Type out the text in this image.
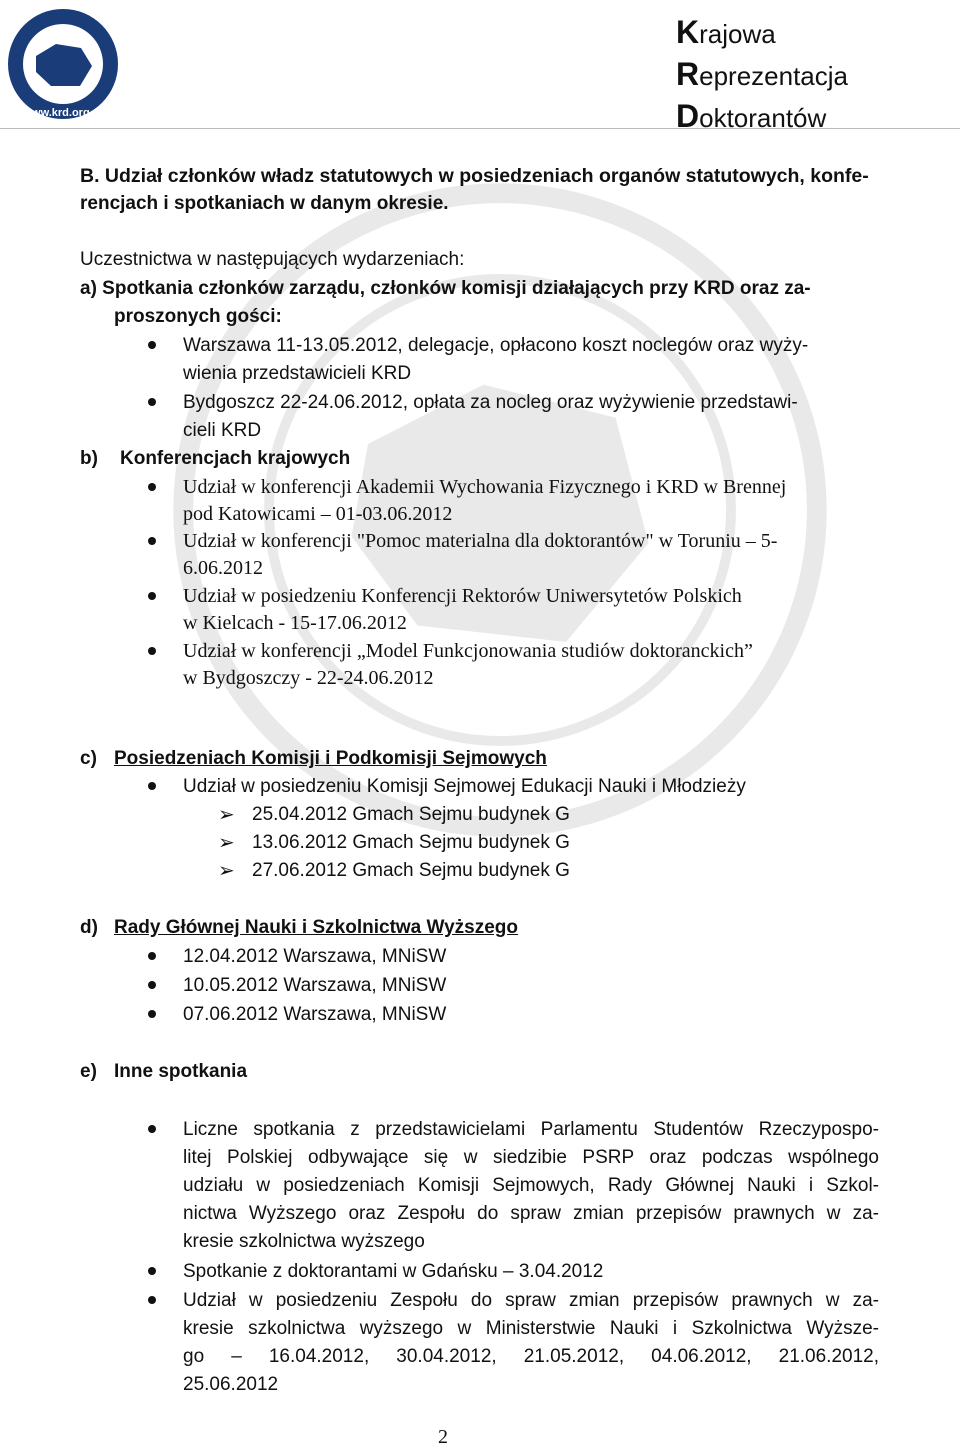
www.krd.org.pl
Krajowa
Reprezentacja
Doktorantów
B. Udział członków władz statutowych w posiedzeniach organów statutowych, konfe-
rencjach i spotkaniach w danym okresie.
Uczestnictwa w następujących wydarzeniach:
a) Spotkania członków zarządu, członków komisji działających przy KRD oraz za-
proszonych gości:
Warszawa 11-13.05.2012, delegacje, opłacono koszt noclegów oraz wyży-
wienia przedstawicieli KRD
Bydgoszcz 22-24.06.2012, opłata za nocleg oraz wyżywienie przedstawi-
cieli KRD
b) Konferencjach krajowych
Udział w konferencji Akademii Wychowania Fizycznego i KRD w Brennej
pod Katowicami – 01-03.06.2012
Udział w konferencji "Pomoc materialna dla doktorantów" w Toruniu – 5-
6.06.2012
Udział w posiedzeniu Konferencji Rektorów Uniwersytetów Polskich
w Kielcach - 15-17.06.2012
Udział w konferencji „Model Funkcjonowania studiów doktoranckich”
w Bydgoszczy - 22-24.06.2012
c) Posiedzeniach Komisji i Podkomisji Sejmowych
Udział w posiedzeniu Komisji Sejmowej Edukacji Nauki i Młodzieży
➢ 25.04.2012 Gmach Sejmu budynek G
➢ 13.06.2012 Gmach Sejmu budynek G
➢ 27.06.2012 Gmach Sejmu budynek G
d) Rady Głównej Nauki i Szkolnictwa Wyższego
12.04.2012 Warszawa, MNiSW
10.05.2012 Warszawa, MNiSW
07.06.2012 Warszawa, MNiSW
e) Inne spotkania
Liczne spotkania z przedstawicielami Parlamentu Studentów Rzeczypospo-
litej Polskiej odbywające się w siedzibie PSRP oraz podczas wspólnego
udziału w posiedzeniach Komisji Sejmowych, Rady Głównej Nauki i Szkol-
nictwa Wyższego oraz Zespołu do spraw zmian przepisów prawnych w za-
kresie szkolnictwa wyższego
Spotkanie z doktorantami w Gdańsku – 3.04.2012
Udział w posiedzeniu Zespołu do spraw zmian przepisów prawnych w za-
kresie szkolnictwa wyższego w Ministerstwie Nauki i Szkolnictwa Wyższe-
go – 16.04.2012, 30.04.2012, 21.05.2012, 04.06.2012, 21.06.2012,
25.06.2012
2
